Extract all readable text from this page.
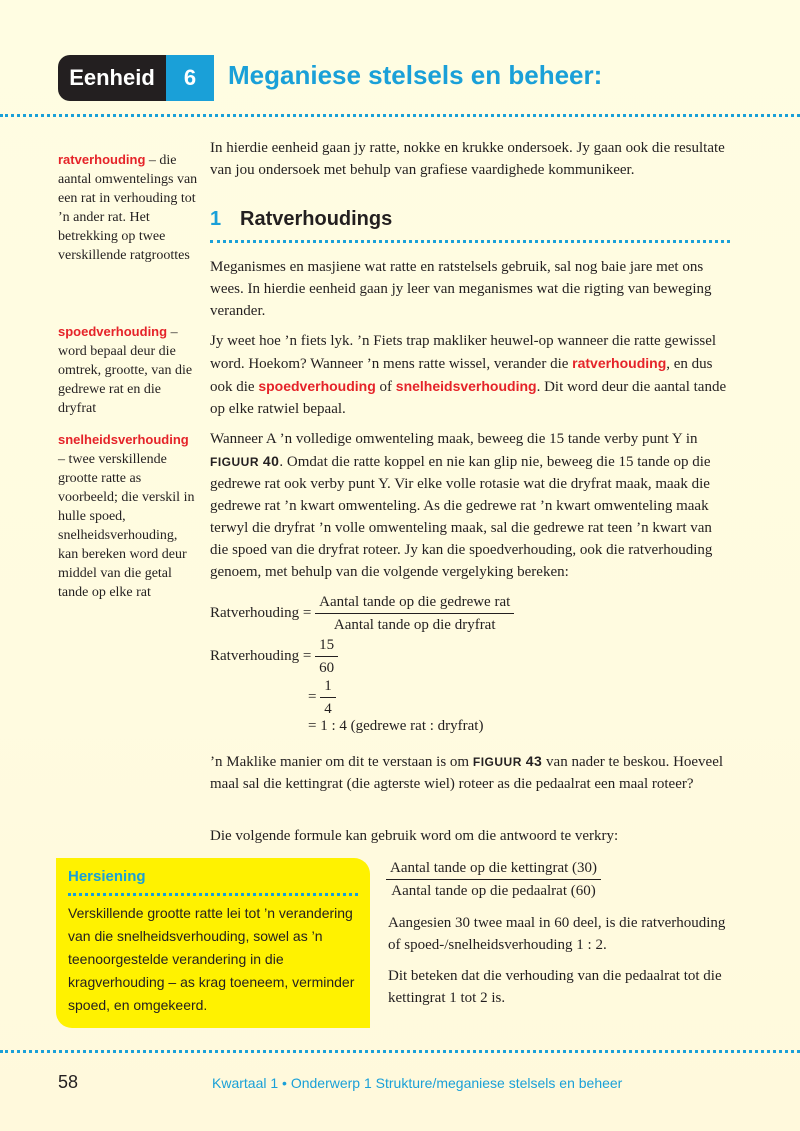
Eenheid 6 Meganiese stelsels en beheer:
ratverhouding – die aantal omwentelings van een rat in verhouding tot ’n ander rat. Het betrekking op twee verskillende ratgroottes
spoedverhouding – word bepaal deur die omtrek, grootte, van die gedrewe rat en die dryfrat
snelheidsverhouding – twee verskillende grootte ratte as voorbeeld; die verskil in hulle spoed, snelheidsverhouding, kan bereken word deur middel van die getal tande op elke rat

In hierdie eenheid gaan jy ratte, nokke en krukke ondersoek. Jy gaan ook die resultate van jou ondersoek met behulp van grafiese vaardighede kommunikeer.

1 Ratverhoudings

Meganismes en masjiene wat ratte en ratstelsels gebruik, sal nog baie jare met ons wees. In hierdie eenheid gaan jy leer van meganismes wat die rigting van beweging verander.

Jy weet hoe ’n fiets lyk. ’n Fiets trap makliker heuwel-op wanneer die ratte gewissel word. Hoekom? Wanneer ’n mens ratte wissel, verander die ratverhouding, en dus ook die spoedverhouding of snelheidsverhouding. Dit word deur die aantal tande op elke ratwiel bepaal.

Wanneer A ’n volledige omwenteling maak, beweeg die 15 tande verby punt Y in FIGUUR 40. Omdat die ratte koppel en nie kan glip nie, beweeg die 15 tande op die gedrewe rat ook verby punt Y. Vir elke volle rotasie wat die dryfrat maak, maak die gedrewe rat ’n kwart omwenteling. As die gedrewe rat ’n kwart omwenteling maak terwyl die dryfrat ’n volle omwenteling maak, sal die gedrewe rat teen ’n kwart van die spoed van die dryfrat roteer. Jy kan die spoedverhouding, ook die ratverhouding genoem, met behulp van die volgende vergelyking bereken:

Ratverhouding =
$\frac{\text{Aantal tande op die gedrewe rat}}{\text{Aantal tande op die dryfrat}}$
Ratverhouding =
$\frac{15}{60}$
=
$\frac{1}{4}$
= 1 : 4 (gedrewe rat : dryfrat)

’n Maklike manier om dit te verstaan is om FIGUUR 43 van nader te beskou. Hoeveel maal sal die kettingrat (die agterste wiel) roteer as die pedaalrat een maal roteer?

Die volgende formule kan gebruik word om die antwoord te verkry:

$\frac{\text{Aantal tande op die kettingrat (30)}}{\text{Aantal tande op die pedaalrat (60)}}$

Aangesien 30 twee maal in 60 deel, is die ratverhouding of spoed-/snelheidsverhouding 1 : 2.

Dit beteken dat die verhouding van die pedaalrat tot die kettingrat 1 tot 2 is.

Hersiening
Verskillende grootte ratte lei tot ’n verandering van die snelheidsverhouding, sowel as ’n teenoorgestelde verandering in die kragverhouding – as krag toeneem, verminder spoed, en omgekeerd.
58	Kwartaal 1 • Onderwerp 1 Strukture/meganiese stelsels en beheer
